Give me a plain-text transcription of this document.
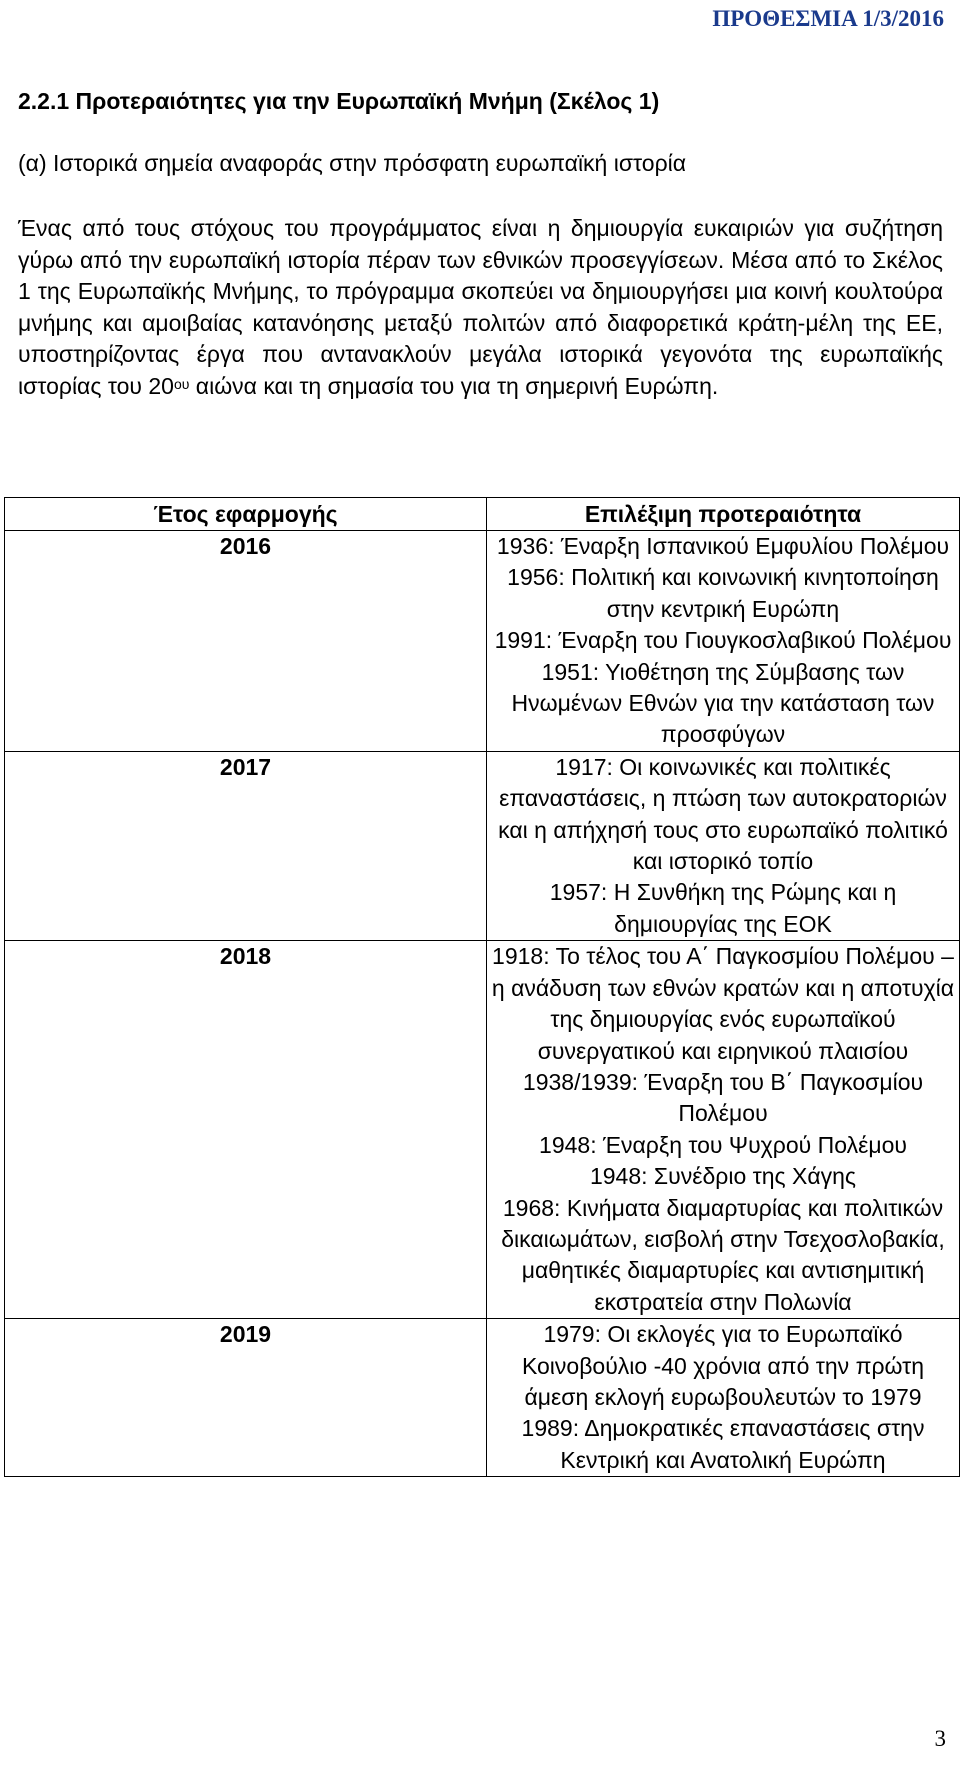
ΠΡΟΘΕΣΜΙΑ 1/3/2016
2.2.1 Προτεραιότητες για την Ευρωπαϊκή Μνήμη (Σκέλος 1)
(α) Ιστορικά σημεία αναφοράς στην πρόσφατη ευρωπαϊκή ιστορία

Ένας από τους στόχους του προγράμματος είναι η δημιουργία ευκαιριών για συζήτηση γύρω από την ευρωπαϊκή ιστορία πέραν των εθνικών προσεγγίσεων. Μέσα από το Σκέλος 1 της Ευρωπαϊκής Μνήμης, το πρόγραμμα σκοπεύει να δημιουργήσει μια κοινή κουλτούρα μνήμης και αμοιβαίας κατανόησης μεταξύ πολιτών από διαφορετικά κράτη-μέλη της ΕΕ, υποστηρίζοντας έργα που αντανακλούν μεγάλα ιστορικά γεγονότα της ευρωπαϊκής ιστορίας του $20^{o\upsilon}$ αιώνα και τη σημασία του για τη σημερινή Ευρώπη.

Έτος εφαρμογής	Επιλέξιμη προτεραιότητα
2016	1936: Έναρξη Ισπανικού Εμφυλίου Πολέμου
1956: Πολιτική και κοινωνική κινητοποίηση στην κεντρική Ευρώπη
1991: Έναρξη του Γιουγκοσλαβικού Πολέμου
1951: Υιοθέτηση της Σύμβασης των Ηνωμένων Εθνών για την κατάσταση των προσφύγων

2017	1917: Οι κοινωνικές και πολιτικές επαναστάσεις, η πτώση των αυτοκρατοριών και η απήχησή τους στο ευρωπαϊκό πολιτικό και ιστορικό τοπίο
1957: Η Συνθήκη της Ρώμης και η δημιουργίας της ΕΟΚ

2018	1918: Το τέλος του Α΄ Παγκοσμίου Πολέμου – η ανάδυση των εθνών κρατών και η αποτυχία της δημιουργίας ενός ευρωπαϊκού συνεργατικού και ειρηνικού πλαισίου
1938/1939: Έναρξη του Β΄ Παγκοσμίου Πολέμου
1948: Έναρξη του Ψυχρού Πολέμου
1948: Συνέδριο της Χάγης
1968: Κινήματα διαμαρτυρίας και πολιτικών δικαιωμάτων, εισβολή στην Τσεχοσλοβακία, μαθητικές διαμαρτυρίες και αντισημιτική εκστρατεία στην Πολωνία

2019	1979: Οι εκλογές για το Ευρωπαϊκό Κοινοβούλιο -40 χρόνια από την πρώτη άμεση εκλογή ευρωβουλευτών το 1979
1989: Δημοκρατικές επαναστάσεις στην Κεντρική και Ανατολική Ευρώπη
3
